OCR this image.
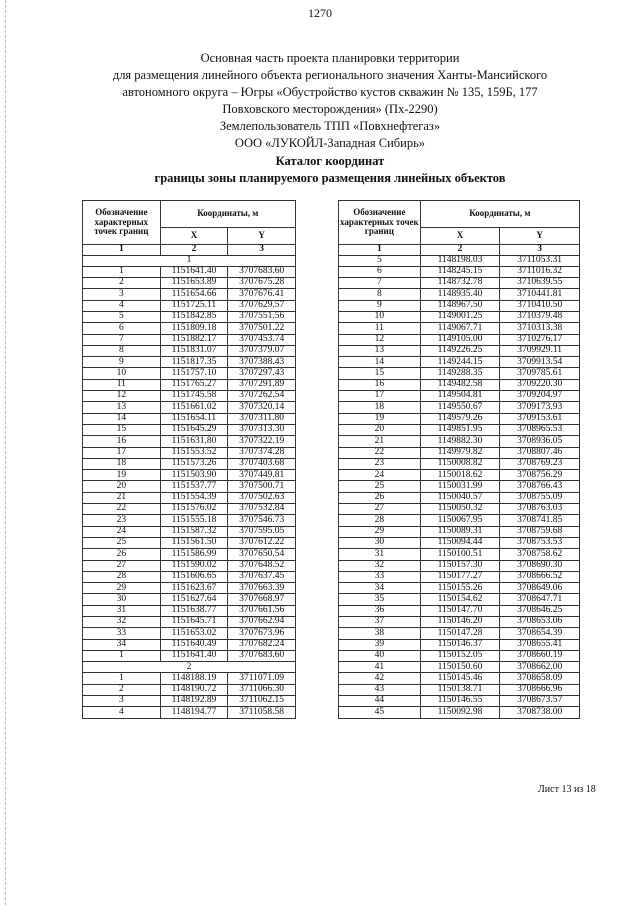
1270
Основная часть проекта планировки территории
для размещения линейного объекта регионального значения Ханты-Мансийского
автономного округа – Югры «Обустройство кустов скважин № 135, 159Б, 177
Повховского месторождения» (Пх-2290)
Землепользователь ТПП «Повхнефтегаз»
ООО «ЛУКОЙЛ-Западная Сибирь»
Каталог координат
границы зоны планируемого размещения линейных объектов
Обозначение характерных точек границ	Координаты, м	
	X	Y
1	2	3
1		
1	1151641.40	3707683.60
2	1151653.89	3707675.28
3	1151654.66	3707676.41
4	1151725.11	3707629.57
5	1151842.85	3707551.56
6	1151809.18	3707501.22
7	1151882.17	3707453.74
8	1151831.07	3707379.07
9	1151817.35	3707388.43
10	1151757.10	3707297.43
11	1151765.27	3707291.89
12	1151745.58	3707262.54
13	1151661.02	3707320.14
14	1151654.11	3707311.80
15	1151645.29	3707313.30
16	1151631.80	3707322.19
17	1151553.52	3707374.28
18	1151573.26	3707403.68
19	1151503.90	3707449.81
20	1151537.77	3707500.71
21	1151554.39	3707502.63
22	1151576.02	3707532.84
23	1151555.18	3707546.73
24	1151587.32	3707595.05
25	1151561.50	3707612.22
26	1151586.99	3707650.54
27	1151590.02	3707648.52
28	1151606.65	3707637.45
29	1151623.67	3707663.39
30	1151627.64	3707668.97
31	1151638.77	3707661.56
32	1151645.71	3707662.94
33	1151653.02	3707673.96
34	1151640.49	3707682.24
1	1151641.40	3707683.60
2		
1	1148188.19	3711071.09
2	1148190.72	3711066.30
3	1148192.89	3711062.15
4	1148194.77	3711058.58
Обозначение характерных точек границ	Координаты, м	
	X	Y
1	2	3
5	1148198.03	3711053.31
6	1148245.15	3711016.32
7	1148732.78	3710639.55
8	1148935.40	3710441.81
9	1148967.50	3710410.50
10	1149001.25	3710379.48
11	1149067.71	3710313.38
12	1149105.00	3710276.17
13	1149226.25	3709929.11
14	1149244.15	3709913.54
15	1149288.35	3709785.61
16	1149482.58	3709220.30
17	1149504.81	3709204.97
18	1149550.67	3709173.93
19	1149579.26	3709153.61
20	1149851.95	3708965.53
21	1149882.30	3708936.05
22	1149979.82	3708807.46
23	1150008.82	3708769.23
24	1150018.62	3708756.29
25	1150031.99	3708766.43
26	1150040.57	3708755.09
27	1150050.32	3708763.03
28	1150067.95	3708741.85
29	1150089.31	3708759.68
30	1150094.44	3708753.53
31	1150100.51	3708758.62
32	1150157.30	3708690.30
33	1150177.27	3708666.52
34	1150155.26	3708649.06
35	1150154.62	3708647.71
36	1150147.70	3708646.25
37	1150146.20	3708653.06
38	1150147.28	3708654.39
39	1150146.37	3708655.41
40	1150152.05	3708660.19
41	1150150.60	3708662.00
42	1150145.46	3708658.09
43	1150138.71	3708666.96
44	1150146.55	3708673.57
45	1150092.98	3708738.00
Лист 13 из 18
